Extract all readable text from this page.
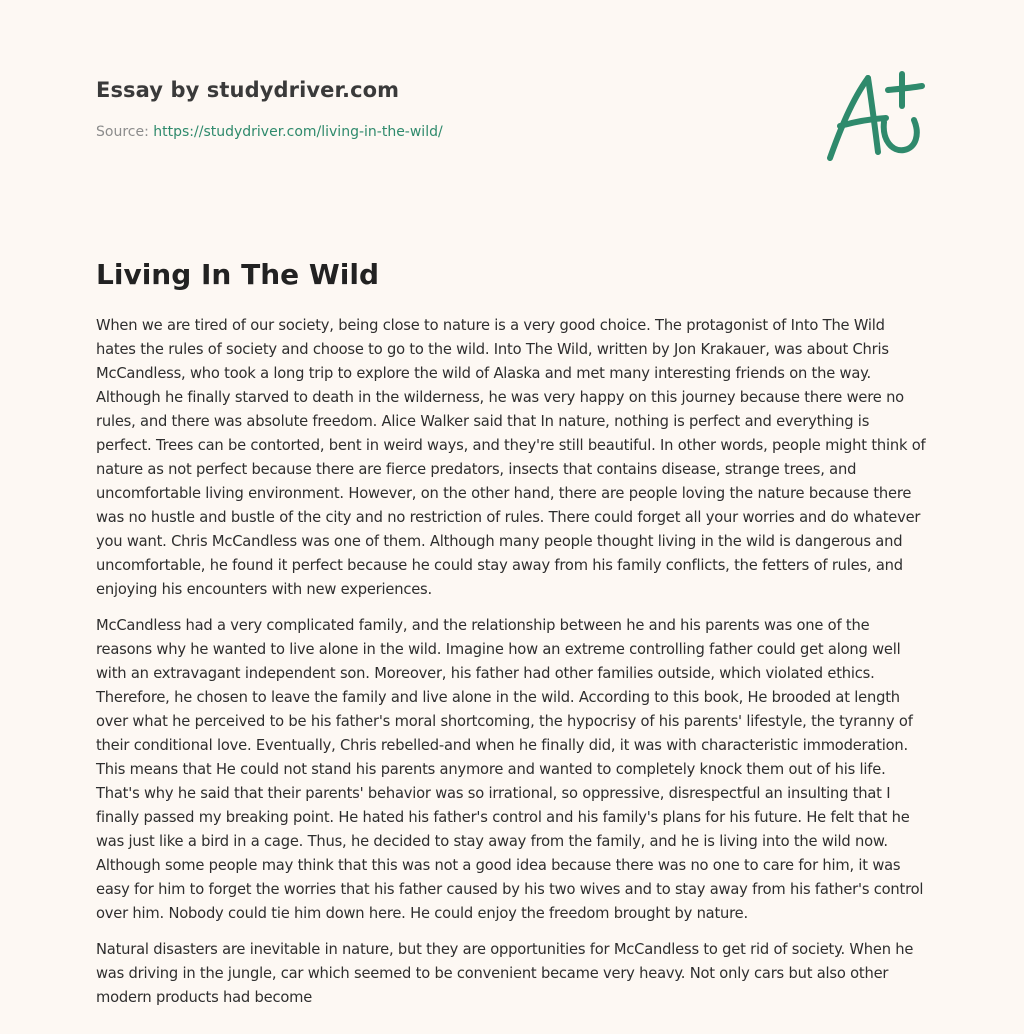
Essay by studydriver.com
Source: https://studydriver.com/living-in-the-wild/
Living In The Wild

When we are tired of our society, being close to nature is a very good choice. The protagonist of Into The Wild hates the rules of society and choose to go to the wild. Into The Wild, written by Jon Krakauer, was about Chris McCandless, who took a long trip to explore the wild of Alaska and met many interesting friends on the way. Although he finally starved to death in the wilderness, he was very happy on this journey because there were no rules, and there was absolute freedom. Alice Walker said that In nature, nothing is perfect and everything is perfect. Trees can be contorted, bent in weird ways, and they're still beautiful. In other words, people might think of nature as not perfect because there are fierce predators, insects that contains disease, strange trees, and uncomfortable living environment. However, on the other hand, there are people loving the nature because there was no hustle and bustle of the city and no restriction of rules. There could forget all your worries and do whatever you want. Chris McCandless was one of them. Although many people thought living in the wild is dangerous and uncomfortable, he found it perfect because he could stay away from his family conflicts, the fetters of rules, and enjoying his encounters with new experiences.

McCandless had a very complicated family, and the relationship between he and his parents was one of the reasons why he wanted to live alone in the wild. Imagine how an extreme controlling father could get along well with an extravagant independent son. Moreover, his father had other families outside, which violated ethics. Therefore, he chosen to leave the family and live alone in the wild. According to this book, He brooded at length over what he perceived to be his father's moral shortcoming, the hypocrisy of his parents' lifestyle, the tyranny of their conditional love. Eventually, Chris rebelled-and when he finally did, it was with characteristic immoderation. This means that He could not stand his parents anymore and wanted to completely knock them out of his life. That's why he said that their parents' behavior was so irrational, so oppressive, disrespectful an insulting that I finally passed my breaking point. He hated his father's control and his family's plans for his future. He felt that he was just like a bird in a cage. Thus, he decided to stay away from the family, and he is living into the wild now. Although some people may think that this was not a good idea because there was no one to care for him, it was easy for him to forget the worries that his father caused by his two wives and to stay away from his father's control over him. Nobody could tie him down here. He could enjoy the freedom brought by nature.

Natural disasters are inevitable in nature, but they are opportunities for McCandless to get rid of society. When he was driving in the jungle, car which seemed to be convenient became very heavy. Not only cars but also other modern products had become
